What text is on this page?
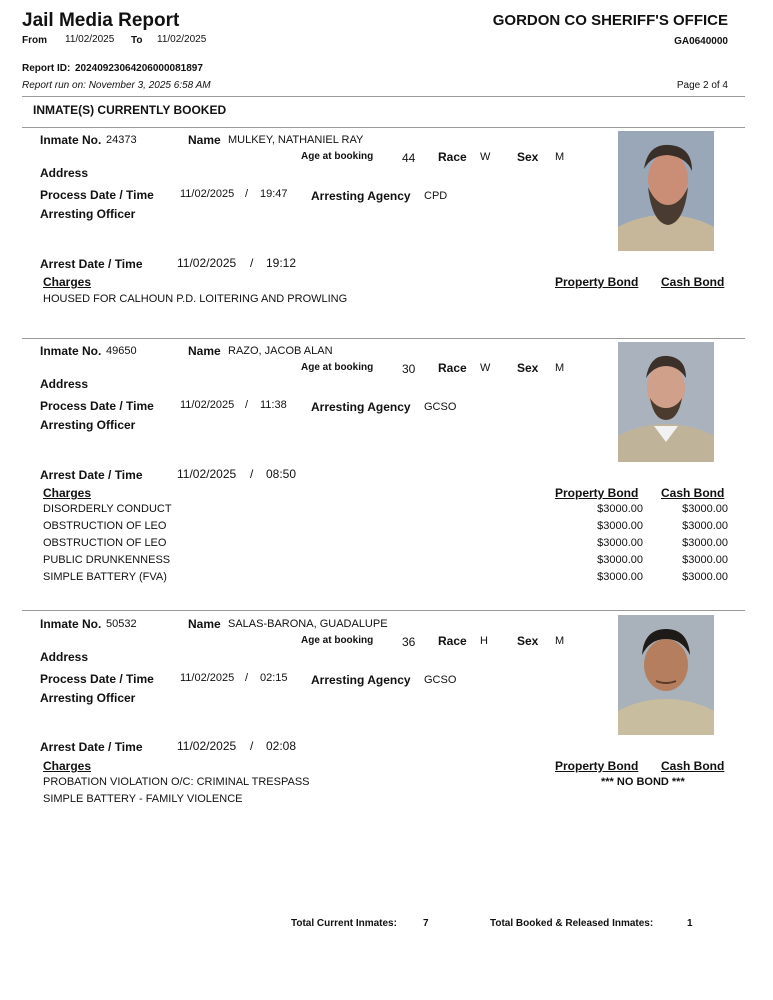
Jail Media Report	GORDON CO SHERIFF'S OFFICE
From 11/02/2025 To 11/02/2025	GA0640000
Report ID: 20240923064206000081897
Report run on: November 3, 2025 6:58 AM	Page 2 of 4
INMATE(S) CURRENTLY BOOKED
Inmate No. 24373	Name MULKEY, NATHANIEL RAY
Age at booking 44 Race W Sex M
Address
Process Date / Time 11/02/2025 / 19:47 Arresting Agency CPD
Arresting Officer
Arrest Date / Time	11/02/2025 / 19:12
Charges	Property Bond Cash Bond
HOUSED FOR CALHOUN P.D. LOITERING AND PROWLING
Inmate No. 49650	Name RAZO, JACOB ALAN
Age at booking 30 Race W Sex M
Address
Process Date / Time 11/02/2025 / 11:38 Arresting Agency GCSO
Arresting Officer
Arrest Date / Time	11/02/2025 / 08:50
Charges	Property Bond Cash Bond
DISORDERLY CONDUCT	$3000.00	$3000.00
OBSTRUCTION OF LEO	$3000.00	$3000.00
OBSTRUCTION OF LEO	$3000.00	$3000.00
PUBLIC DRUNKENNESS	$3000.00	$3000.00
SIMPLE BATTERY (FVA)	$3000.00	$3000.00
Inmate No. 50532	Name SALAS-BARONA, GUADALUPE
Age at booking 36 Race H Sex M
Address
Process Date / Time 11/02/2025 / 02:15 Arresting Agency GCSO
Arresting Officer
Arrest Date / Time	11/02/2025 / 02:08
Charges	Property Bond Cash Bond
PROBATION VIOLATION O/C: CRIMINAL TRESPASS	*** NO BOND ***
SIMPLE BATTERY - FAMILY VIOLENCE
Total Current Inmates:	7	Total Booked & Released Inmates:	1
